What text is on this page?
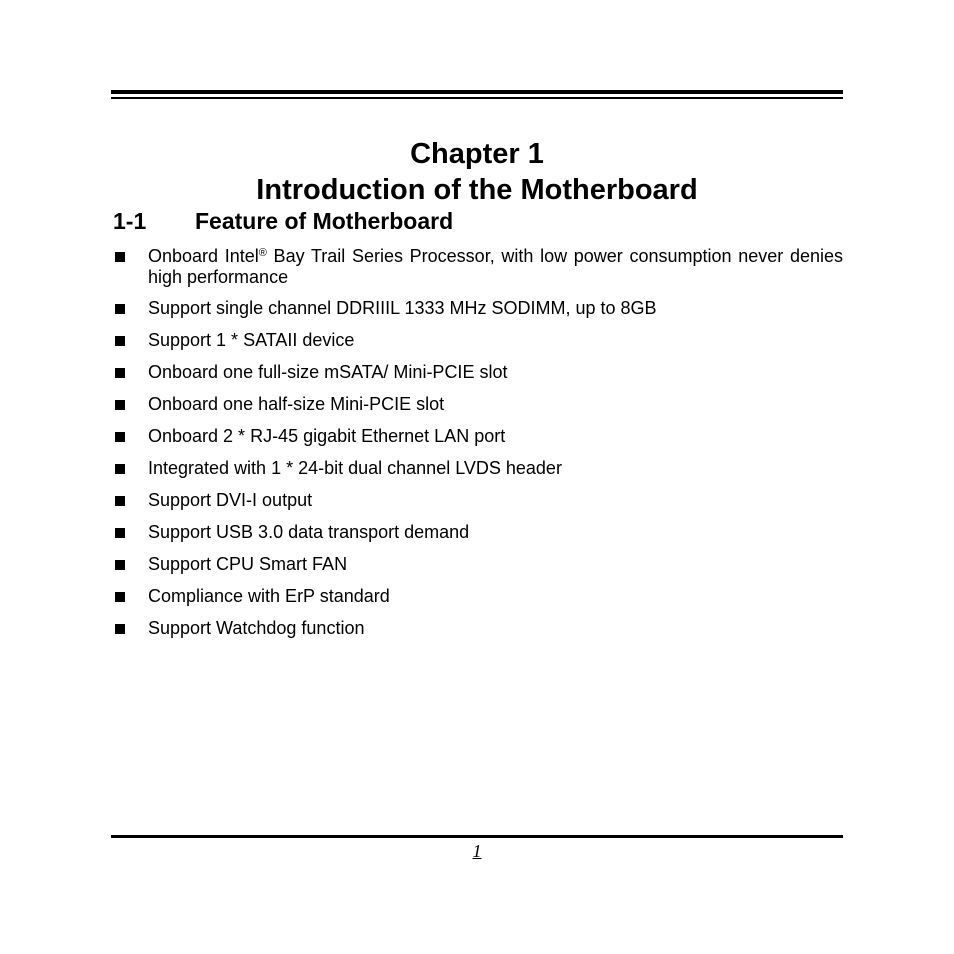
Chapter 1
Introduction of the Motherboard
1-1 Feature of Motherboard
Onboard Intel® Bay Trail Series Processor, with low power consumption never denies high performance
Support single channel DDRIIIL 1333 MHz SODIMM, up to 8GB
Support 1 * SATAII device
Onboard one full-size mSATA/ Mini-PCIE slot
Onboard one half-size Mini-PCIE slot
Onboard 2 * RJ-45 gigabit Ethernet LAN port
Integrated with 1 * 24-bit dual channel LVDS header
Support DVI-I output
Support USB 3.0 data transport demand
Support CPU Smart FAN
Compliance with ErP standard
Support Watchdog function
1
